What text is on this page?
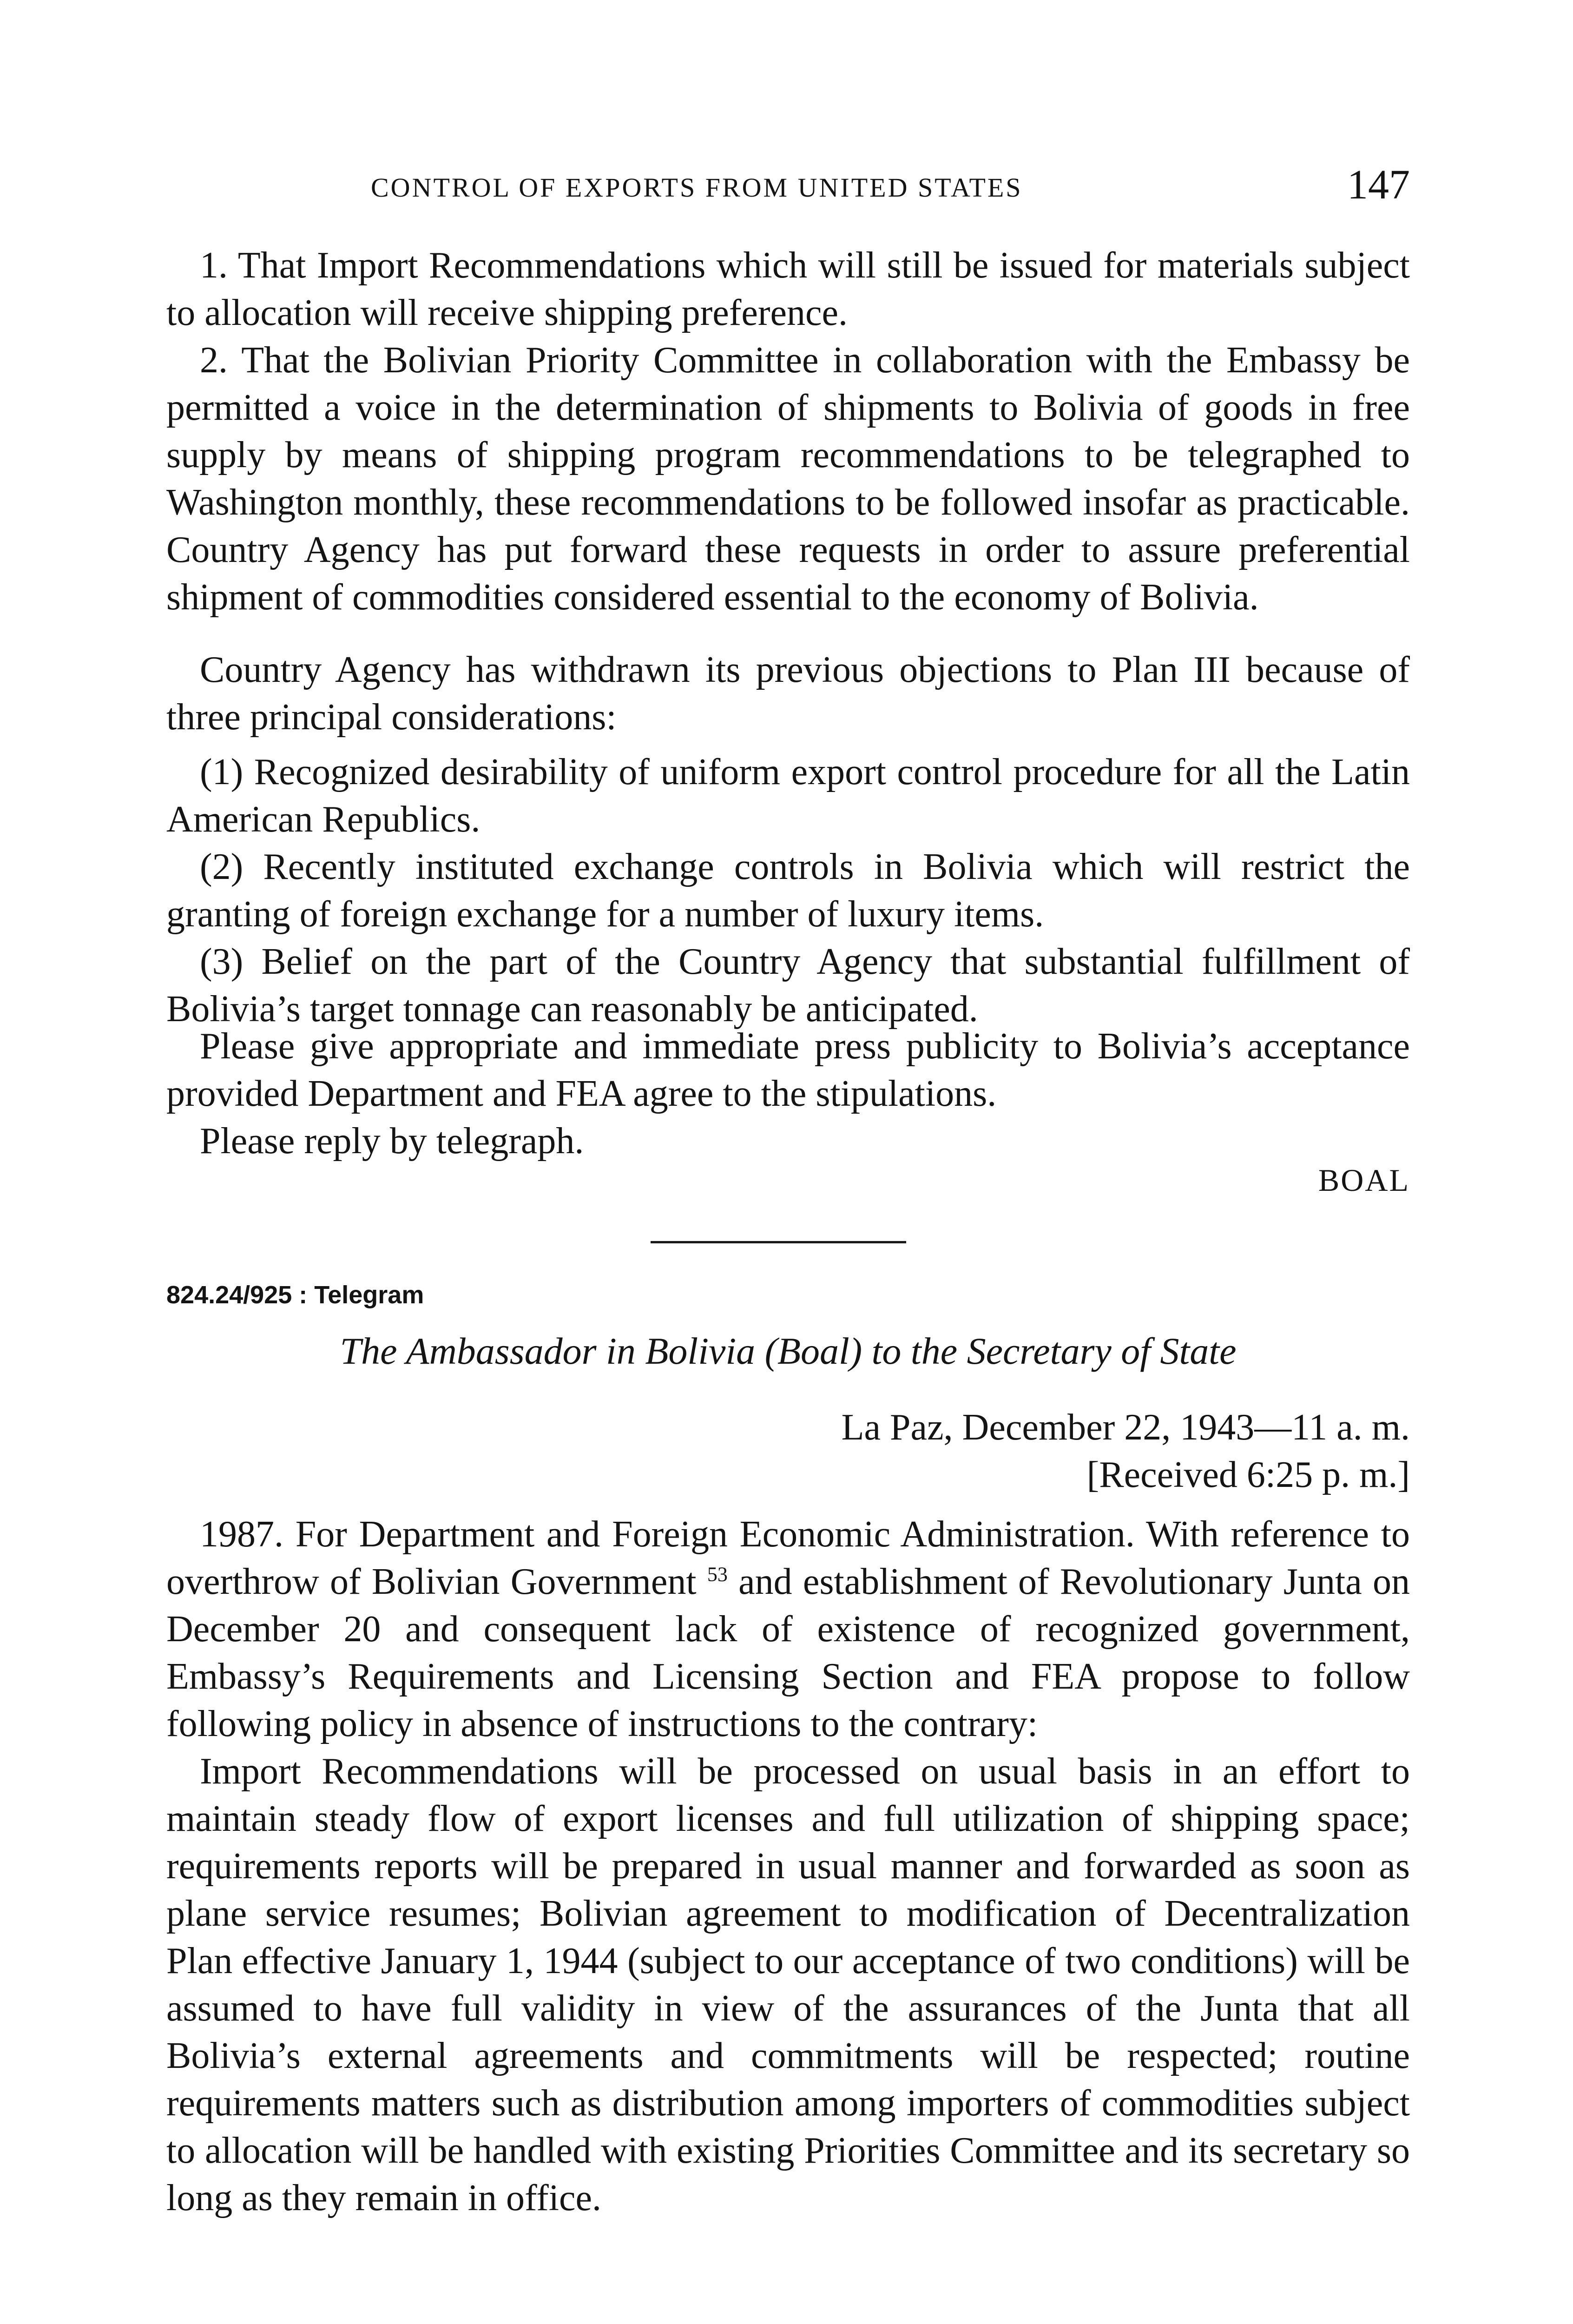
CONTROL OF EXPORTS FROM UNITED STATES	147

1. That Import Recommendations which will still be issued for materials subject to allocation will receive shipping preference.

2. That the Bolivian Priority Committee in collaboration with the Embassy be permitted a voice in the determination of shipments to Bolivia of goods in free supply by means of shipping program recommendations to be telegraphed to Washington monthly, these recommendations to be followed insofar as practicable. Country Agency has put forward these requests in order to assure preferential shipment of commodities considered essential to the economy of Bolivia.

Country Agency has withdrawn its previous objections to Plan III because of three principal considerations:

(1) Recognized desirability of uniform export control procedure for all the Latin American Republics.

(2) Recently instituted exchange controls in Bolivia which will restrict the granting of foreign exchange for a number of luxury items.

(3) Belief on the part of the Country Agency that substantial fulfillment of Bolivia’s target tonnage can reasonably be anticipated.

Please give appropriate and immediate press publicity to Bolivia’s acceptance provided Department and FEA agree to the stipulations.

Please reply by telegraph.

BOAL
824.24/925 : Telegram
The Ambassador in Bolivia (Boal) to the Secretary of State
La Paz, December 22, 1943—11 a. m.
[Received 6:25 p. m.]

1987. For Department and Foreign Economic Administration. With reference to overthrow of Bolivian Government $^{53}$ and establishment of Revolutionary Junta on December 20 and consequent lack of existence of recognized government, Embassy’s Requirements and Licensing Section and FEA propose to follow following policy in absence of instructions to the contrary:

Import Recommendations will be processed on usual basis in an effort to maintain steady flow of export licenses and full utilization of shipping space; requirements reports will be prepared in usual manner and forwarded as soon as plane service resumes; Bolivian agreement to modification of Decentralization Plan effective January 1, 1944 (subject to our acceptance of two conditions) will be assumed to have full validity in view of the assurances of the Junta that all Bolivia’s external agreements and commitments will be respected; routine requirements matters such as distribution among importers of commodities subject to allocation will be handled with existing Priorities Committee and its secretary so long as they remain in office.
